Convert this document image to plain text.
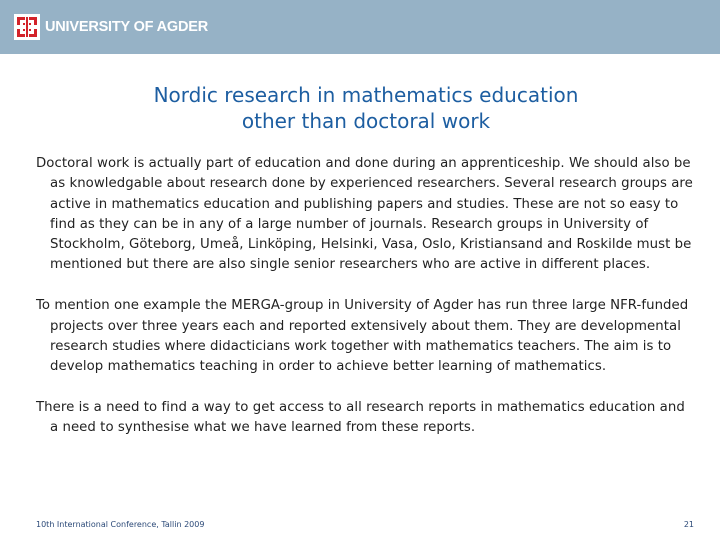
UNIVERSITY OF AGDER
Nordic research in mathematics education
other than doctoral work

Doctoral work is actually part of education and done during an apprenticeship. We should also be as knowledgable about research done by experienced researchers. Several research groups are active in mathematics education and publishing papers and studies. These are not so easy to find as they can be in any of a large number of journals. Research groups in University of Stockholm, Göteborg, Umeå, Linköping, Helsinki, Vasa, Oslo, Kristiansand and Roskilde must be mentioned but there are also single senior researchers who are active in different places.

To mention one example the MERGA-group in University of Agder has run three large NFR-funded projects over three years each and reported extensively about them. They are developmental research studies where didacticians work together with mathematics teachers. The aim is to develop mathematics teaching in order to achieve better learning of mathematics.

There is a need to find a way to get access to all research reports in mathematics education and a need to synthesise what we have learned from these reports.

10th International Conference, Tallin 2009	21
